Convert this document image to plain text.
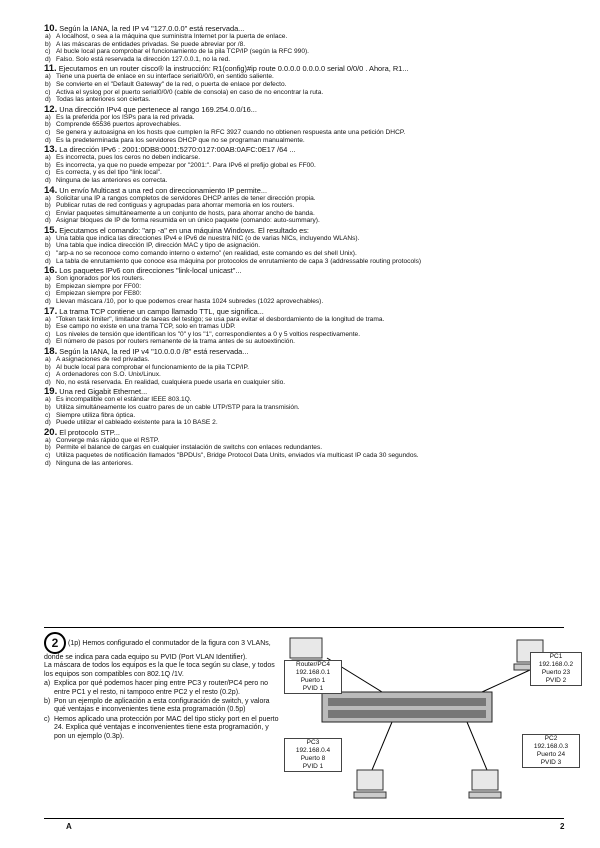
10. Según la IANA, la red IP v4 "127.0.0.0" está reservada...
a) A localhost, o sea a la máquina que suministra Internet por la puerta de enlace.
b) A las máscaras de entidades privadas. Se puede abreviar por /8.
c) Al bucle local para comprobar el funcionamiento de la pila TCP/IP (según la RFC 990).
d) Falso. Solo está reservada la dirección 127.0.0.1, no la red.
11. Ejecutamos en un router cisco® la instrucción: R1(config)#ip route 0.0.0.0 0.0.0.0 serial 0/0/0 . Ahora, R1...
a) Tiene una puerta de enlace en su interface serial0/0/0, en sentido saliente.
b) Se convierte en el "Default Gateway" de la red, o puerta de enlace por defecto.
c) Activa el syslog por el puerto serial0/0/0 (cable de consola) en caso de no encontrar la ruta.
d) Todas las anteriores son ciertas.
12. Una dirección IPv4 que pertenece al rango 169.254.0.0/16...
a) Es la preferida por los ISPs para la red privada.
b) Comprende 65536 puertos aprovechables.
c) Se genera y autoasigna en los hosts que cumplen la RFC 3927 cuando no obtienen respuesta ante una petición DHCP.
d) Es la predeterminada para los servidores DHCP que no se programan manualmente.
13. La dirección IPv6 : 2001:0DB8:0001:5270:0127:00AB:0AFC:0E17 /64 ...
a) Es incorrecta, pues los ceros no deben indicarse.
b) Es incorrecta, ya que no puede empezar por "2001:". Para IPv6 el prefijo global es FF00.
c) Es correcta, y es del tipo "link local".
d) Ninguna de las anteriores es correcta.
14. Un envío Multicast a una red con direccionamiento IP permite...
a) Solicitar una IP a rangos completos de servidores DHCP antes de tener dirección propia.
b) Publicar rutas de red contiguas y agrupadas para ahorrar memoria en los routers.
c) Enviar paquetes simultáneamente a un conjunto de hosts, para ahorrar ancho de banda.
d) Asignar bloques de IP de forma resumida en un único paquete (comando: auto-summary).
15. Ejecutamos el comando: "arp -a" en una máquina Windows. El resultado es:
a) Una tabla que indica las direcciones IPv4 e IPv6 de nuestra NIC (o de varias NICs, incluyendo WLANs).
b) Una tabla que indica dirección IP, dirección MAC y tipo de asignación.
c) "arp-a no se reconoce como comando interno o externo" (en realidad, este comando es del shell Unix).
d) La tabla de enrutamiento que conoce esa máquina por protocolos de enrutamiento de capa 3 (addressable routing protocols)
16. Los paquetes IPv6 con direcciones "link-local unicast"...
a) Son ignorados por los routers.
b) Empiezan siempre por FF00:
c) Empiezan siempre por FE80:
d) Llevan máscara /10, por lo que podemos crear hasta 1024 subredes (1022 aprovechables).
17. La trama TCP contiene un campo llamado TTL, que significa...
a) "Token task limiter", limitador de tareas del testigo; se usa para evitar el desbordamiento de la longitud de trama.
b) Ese campo no existe en una trama TCP, solo en tramas UDP.
c) Los niveles de tensión que identifican los "0" y los "1", correspondientes a 0 y 5 voltios respectivamente.
d) El número de pasos por routers remanente de la trama antes de su autoextinción.
18. Según la IANA, la red IP v4 "10.0.0.0 /8" está reservada...
a) A asignaciones de red privadas.
b) Al bucle local para comprobar el funcionamiento de la pila TCP/IP.
c) A ordenadores con S.O. Unix/Linux.
d) No, no está reservada. En realidad, cualquiera puede usarla en cualquier sitio.
19. Una red Gigabit Ethernet...
a) Es incompatible con el estándar IEEE 803.1Q.
b) Utiliza simultáneamente los cuatro pares de un cable UTP/STP para la transmisión.
c) Siempre utiliza fibra óptica.
d) Puede utilizar el cableado existente para la 10 BASE 2.
20. El protocolo STP...
a) Converge más rápido que el RSTP.
b) Permite el balance de cargas en cualquier instalación de switchs con enlaces redundantes.
c) Utiliza paquetes de notificación llamados "BPDUs", Bridge Protocol Data Units, enviados vía multicast IP cada 30 segundos.
d) Ninguna de las anteriores.
2 (1p) Hemos configurado el conmutador de la figura con 3 VLANs, donde se indica para cada equipo su PVID (Port VLAN Identifier).
La máscara de todos los equipos es la que le toca según su clase, y todos los equipos son compatibles con 802.1Q /1V.
a) Explica por qué podemos hacer ping entre PC3 y router/PC4 pero no entre PC1 y el resto, ni tampoco entre PC2 y el resto (0.2p).
b) Pon un ejemplo de aplicación a esta configuración de switch, y valora qué ventajas e inconvenientes tiene esta programación (0.5p)
c) Hemos aplicado una protección por MAC del tipo sticky port en el puerto 24. Explica qué ventajas e inconvenientes tiene esta programación, y pon un ejemplo (0.3p).
Router/PC4
192.168.0.1
Puerto 1
PVID 1
PC1
192.168.0.2
Puerto 23
PVID 2
PC3
192.168.0.4
Puerto 8
PVID 1
PC2
192.168.0.3
Puerto 24
PVID 3
A	2
